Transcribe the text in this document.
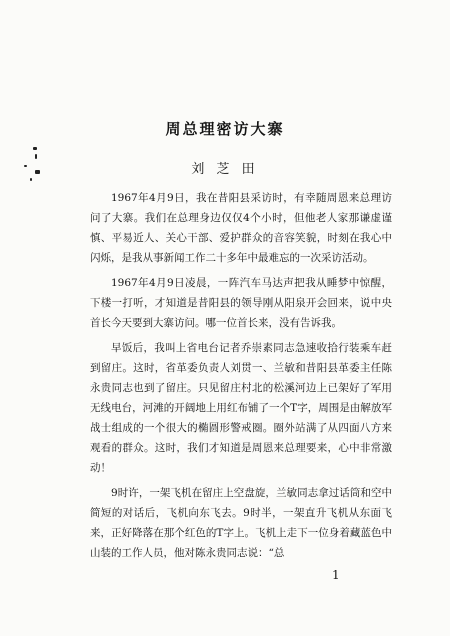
周总理密访大寨
刘 芝 田

1967年4月9日，我在昔阳县采访时，有幸随周恩来总理访问了大寨。我们在总理身边仅仅4个小时，但他老人家那谦虚谨慎、平易近人、关心干部、爱护群众的音容笑貌，时刻在我心中闪烁，是我从事新闻工作二十多年中最难忘的一次采访活动。

1967年4月9日凌晨，一阵汽车马达声把我从睡梦中惊醒，下楼一打听，才知道是昔阳县的领导刚从阳泉开会回来，说中央首长今天要到大寨访问。哪一位首长来，没有告诉我。

早饭后，我叫上省电台记者乔崇素同志急速收拾行装乘车赶到留庄。这时，省革委负责人刘贯一、兰敏和昔阳县革委主任陈永贵同志也到了留庄。只见留庄村北的松溪河边上已架好了军用无线电台，河滩的开阔地上用红布铺了一个T字，周围是由解放军战士组成的一个很大的椭圆形警戒圈。圈外站满了从四面八方来观看的群众。这时，我们才知道是周恩来总理要来，心中非常激动！

9时许，一架飞机在留庄上空盘旋，兰敏同志拿过话筒和空中简短的对话后，飞机向东飞去。9时半，一架直升飞机从东面飞来，正好降落在那个红色的T字上。飞机上走下一位身着藏蓝色中山装的工作人员，他对陈永贵同志说：“总

1
